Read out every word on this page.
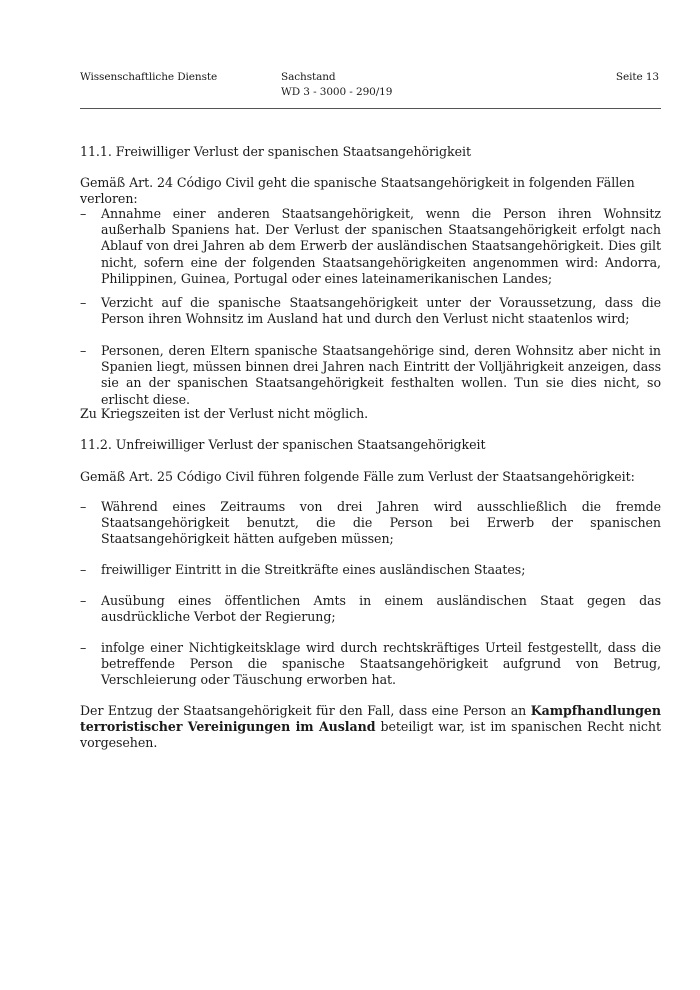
Wissenschaftliche Dienste	Sachstand
WD 3 - 3000 - 290/19
Seite 13
11.1. Freiwilliger Verlust der spanischen Staatsangehörigkeit
Gemäß Art. 24 Código Civil geht die spanische Staatsangehörigkeit in folgenden Fällen verloren:
–	Annahme einer anderen Staatsangehörigkeit, wenn die Person ihren Wohnsitz außerhalb Spaniens hat. Der Verlust der spanischen Staatsangehörigkeit erfolgt nach Ablauf von drei Jahren ab dem Erwerb der ausländischen Staatsangehörigkeit. Dies gilt nicht, sofern eine der folgenden Staatsangehörigkeiten angenommen wird: Andorra, Philippinen, Guinea, Portugal oder eines lateinamerikanischen Landes;
–	Verzicht auf die spanische Staatsangehörigkeit unter der Voraussetzung, dass die Person ihren Wohnsitz im Ausland hat und durch den Verlust nicht staatenlos wird;
–	Personen, deren Eltern spanische Staatsangehörige sind, deren Wohnsitz aber nicht in Spanien liegt, müssen binnen drei Jahren nach Eintritt der Volljährigkeit anzeigen, dass sie an der spanischen Staatsangehörigkeit festhalten wollen. Tun sie dies nicht, so erlischt diese.
Zu Kriegszeiten ist der Verlust nicht möglich.
11.2. Unfreiwilliger Verlust der spanischen Staatsangehörigkeit
Gemäß Art. 25 Código Civil führen folgende Fälle zum Verlust der Staatsangehörigkeit:
–	Während eines Zeitraums von drei Jahren wird ausschließlich die fremde Staatsangehörigkeit benutzt, die die Person bei Erwerb der spanischen Staatsangehörigkeit hätten aufgeben müssen;
–	freiwilliger Eintritt in die Streitkräfte eines ausländischen Staates;
–	Ausübung eines öffentlichen Amts in einem ausländischen Staat gegen das ausdrückliche Verbot der Regierung;
–	infolge einer Nichtigkeitsklage wird durch rechtskräftiges Urteil festgestellt, dass die betreffende Person die spanische Staatsangehörigkeit aufgrund von Betrug, Verschleierung oder Täuschung erworben hat.
Der Entzug der Staatsangehörigkeit für den Fall, dass eine Person an Kampfhandlungen terroristischer Vereinigungen im Ausland beteiligt war, ist im spanischen Recht nicht vorgesehen.
